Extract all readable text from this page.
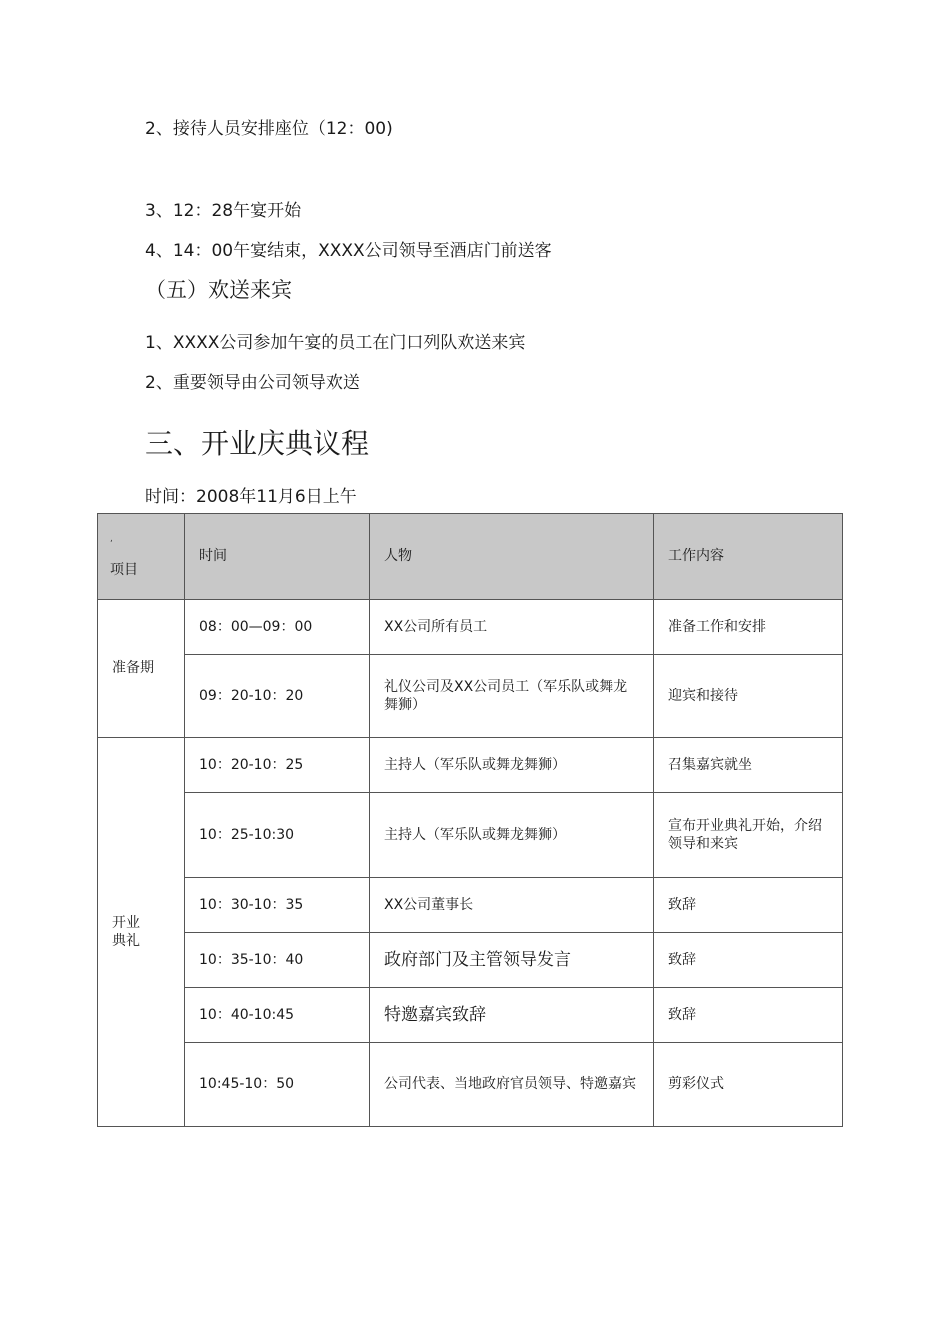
2、接待人员安排座位（12：00)
3、12：28午宴开始
4、14：00午宴结束，XXXX公司领导至酒店门前送客
（五）欢送来宾
1、XXXX公司参加午宴的员工在门口列队欢送来宾
2、重要领导由公司领导欢送
三、开业庆典议程
时间：2008年11月6日上午
,
项目	时间	人物	工作内容
准备期	08：00—09：00	XX公司所有员工	准备工作和安排
	09：20-10：20	礼仪公司及XX公司员工（军乐队或舞龙舞狮）	迎宾和接待
开业
典礼	10：20-10：25	主持人（军乐队或舞龙舞狮）	召集嘉宾就坐
	10：25-10:30	主持人（军乐队或舞龙舞狮）	宣布开业典礼开始，介绍领导和来宾
	10：30-10：35	XX公司董事长	致辞
	10：35-10：40	政府部门及主管领导发言	致辞
	10：40-10:45	特邀嘉宾致辞	致辞
	10:45-10：50	公司代表、当地政府官员领导、特邀嘉宾	剪彩仪式
